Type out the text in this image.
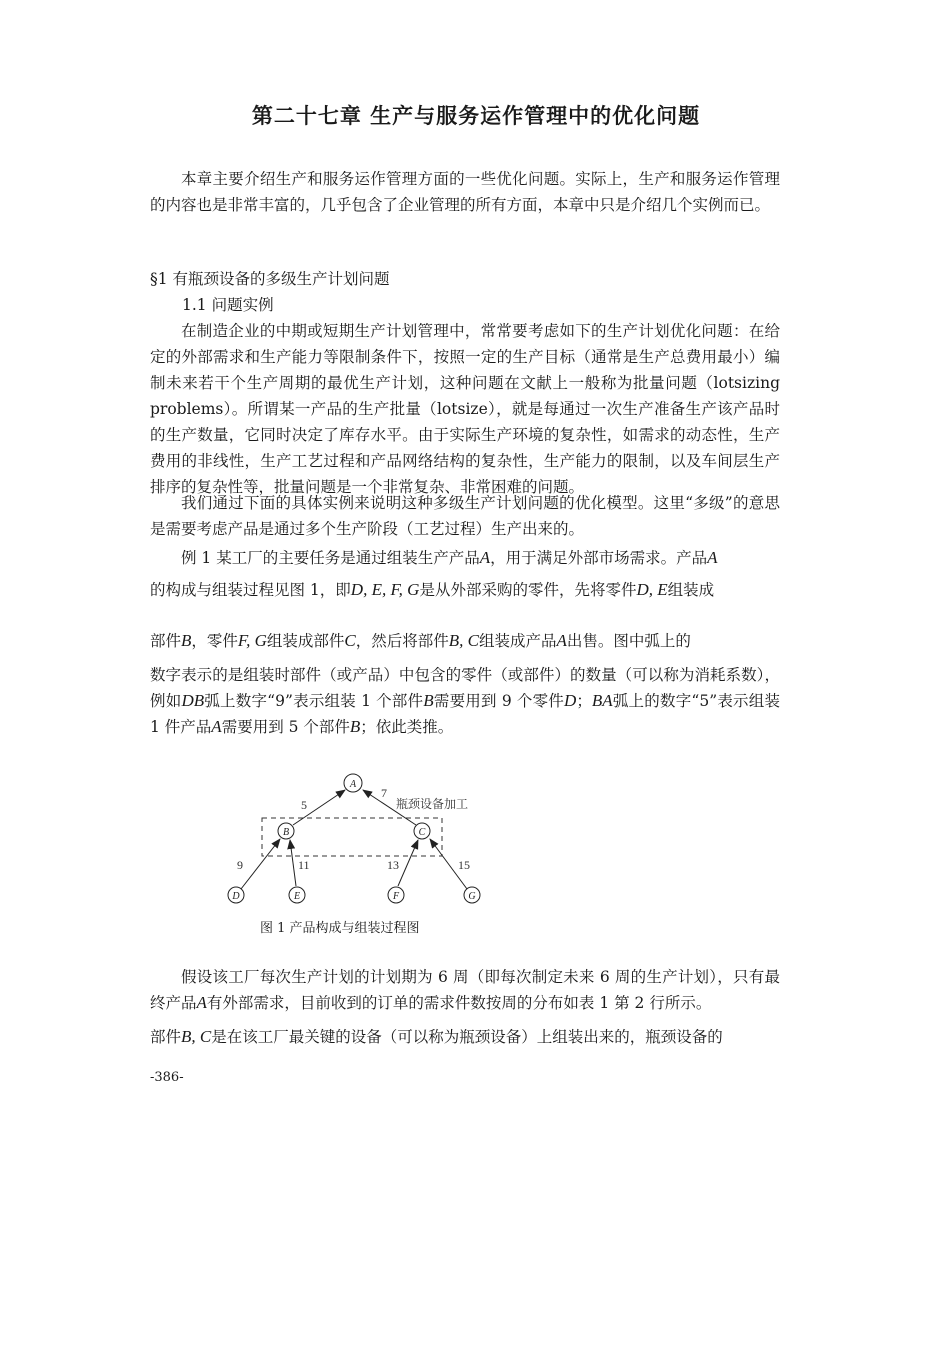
第二十七章 生产与服务运作管理中的优化问题

本章主要介绍生产和服务运作管理方面的一些优化问题。实际上，生产和服务运作管理的内容也是非常丰富的，几乎包含了企业管理的所有方面，本章中只是介绍几个实例而已。

§1 有瓶颈设备的多级生产计划问题
1.1 问题实例

在制造企业的中期或短期生产计划管理中，常常要考虑如下的生产计划优化问题：在给定的外部需求和生产能力等限制条件下，按照一定的生产目标（通常是生产总费用最小）编制未来若干个生产周期的最优生产计划，这种问题在文献上一般称为批量问题（lotsizing problems）。所谓某一产品的生产批量（lotsize），就是每通过一次生产准备生产该产品时的生产数量，它同时决定了库存水平。由于实际生产环境的复杂性，如需求的动态性，生产费用的非线性，生产工艺过程和产品网络结构的复杂性，生产能力的限制，以及车间层生产排序的复杂性等，批量问题是一个非常复杂、非常困难的问题。

我们通过下面的具体实例来说明这种多级生产计划问题的优化模型。这里“多级”的意思是需要考虑产品是通过多个生产阶段（工艺过程）生产出来的。

例 1 某工厂的主要任务是通过组装生产产品A，用于满足外部市场需求。产品A

的构成与组装过程见图 1，即D, E, F, G是从外部采购的零件，先将零件D, E组装成

部件B，零件F, G组装成部件C，然后将部件B, C组装成产品A出售。图中弧上的

数字表示的是组装时部件（或产品）中包含的零件（或部件）的数量（可以称为消耗系数），例如DB弧上数字“9”表示组装 1 个部件B需要用到 9 个零件D；BA弧上的数字“5”表示组装 1 件产品A需要用到 5 个部件B；依此类推。

瓶颈设备加工
5
7
9	11	13	15
A
B	C
D	E	F	G
图 1 产品构成与组装过程图

假设该工厂每次生产计划的计划期为 6 周（即每次制定未来 6 周的生产计划），只有最终产品A有外部需求，目前收到的订单的需求件数按周的分布如表 1 第 2 行所示。

部件B, C是在该工厂最关键的设备（可以称为瓶颈设备）上组装出来的，瓶颈设备的

-386-
